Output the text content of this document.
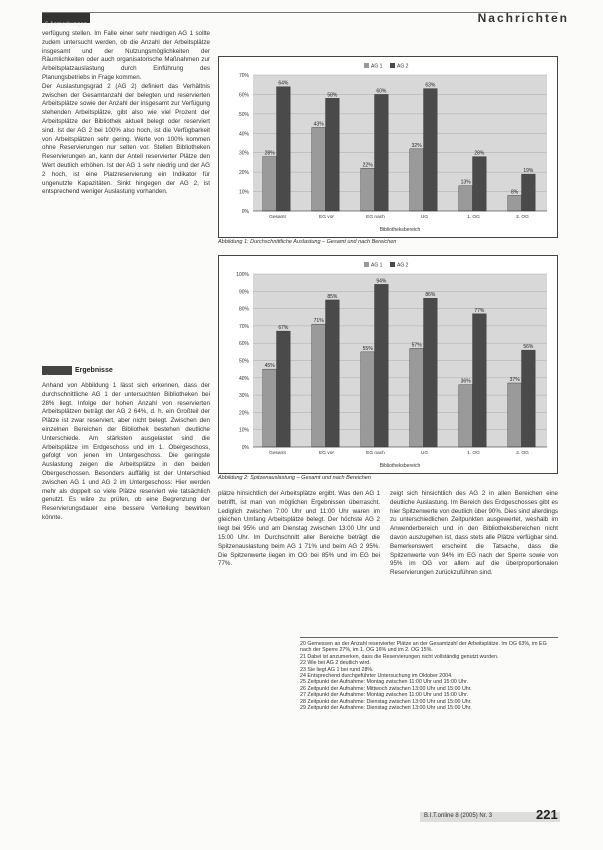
§ Anmerkungen	Nachrichten

verfügung stellen. Im Falle einer sehr niedrigen AG 1 sollte zudem untersucht werden, ob die Anzahl der Arbeitsplätze insgesamt und der Nutzungsmöglichkeiten der Räumlichkeiten oder auch organisatorische Maßnahmen zur Arbeitsplatzauslastung durch Einführung des Planungsbetriebs in Frage kommen.

Der Auslastungsgrad 2 (AG 2) definiert das Verhältnis zwischen der Gesamtanzahl der belegten und reservierten Arbeitsplätze sowie der Anzahl der insgesamt zur Verfügung stehenden Arbeitsplätze, gibt also wie viel Prozent der Arbeitsplätze der Bibliothek aktuell belegt oder reserviert sind. Ist der AG 2 bei 100% also hoch, ist die Verfügbarkeit von Arbeitsplätzen sehr gering. Werte von 100% kommen ohne Reservierungen nur selten vor. Stellen Bibliotheken Reservierungen an, kann der Anteil reservierter Plätze den Wert deutlich erhöhen. Ist der AG 1 sehr niedrig und der AG 2 hoch, ist eine Platzreservierung ein Indikator für ungenutzte Kapazitäten. Sinkt hingegen der AG 2, ist entsprechend weniger Auslastung vorhanden.

4
Ergebnisse
Anhand von Abbildung 1 lässt sich erkennen, dass der durchschnittliche AG 1 der untersuchten Bibliotheken bei 28% liegt. Infolge der hohen Anzahl von reservierten Arbeitsplätzen beträgt der AG 2 64%, d. h. ein Großteil der Plätze ist zwar reserviert, aber nicht belegt. Zwischen den einzelnen Bereichen der Bibliothek bestehen deutliche Unterschiede. Am stärksten ausgelastet sind die Arbeitsplätze im Erdgeschoss und im 1. Obergeschoss, gefolgt von jenen im Untergeschoss. Die geringste Auslastung zeigen die Arbeitsplätze in den beiden Obergeschossen. Besonders auffällig ist der Unterschied zwischen AG 1 und AG 2 im Untergeschoss: Hier werden mehr als doppelt so viele Plätze reserviert wie tatsächlich genutzt. Es wäre zu prüfen, ob eine Begrenzung der Reservierungsdauer eine bessere Verteilung bewirken könnte.
0%
10%
20%
30%
40%
50%
60%
70%
AG 1	AG 2
28%
64%
Gesamt
43%
58%
EG vor
22%
60%
EG nach
32%
63%
UG
13%
28%
1. OG
8%
19%
2. OG
Bibliotheksbereich
Abbildung 1: Durchschnittliche Auslastung – Gesamt und nach Bereichen
0%
10%
20%
30%
40%
50%
60%
70%
80%
90%
100%
AG 1	AG 2
45%
67%
Gesamt
71%
85%
EG vor
55%
94%
EG nach
57%
86%
UG
36%
77%
1. OG
37%
56%
2. OG
Bibliotheksbereich
Abbildung 2: Spitzenauslastung – Gesamt und nach Bereichen
plätze hinsichtlich der Arbeitsplätze ergibt. Was den AG 1 betrifft, ist man von möglichen Ergebnissen überrascht. Lediglich zwischen 7:00 Uhr und 11:00 Uhr waren im gleichen Umfang Arbeitsplätze belegt. Der höchste AG 2 liegt bei 95% und am Dienstag zwischen 13:00 Uhr und 15:00 Uhr. Im Durchschnitt aller Bereiche beträgt die Spitzenauslastung beim AG 1 71% und beim AG 2 95%. Die Spitzenwerte liegen im OG bei 85% und im EG bei 77%.
zeigt sich hinsichtlich des AG 2 in allen Bereichen eine deutliche Auslastung. Im Bereich des Erdgeschosses gibt es hier Spitzenwerte von deutlich über 90%. Dies sind allerdings zu unterschiedlichen Zeitpunkten ausgewertet, weshalb im Anwenderbereich und in den Bibliotheksbereichen nicht davon auszugehen ist, dass stets alle Plätze verfügbar sind. Bemerkenswert erscheint die Tatsache, dass die Spitzenwerte von 94% im EG nach der Sperre sowie von 95% im OG vor allem auf die überproportionalen Reservierungen zurückzuführen sind.
20 Gemessen an der Anzahl reservierter Plätze an der Gesamtzahl der Arbeitsplätze. Im OG 63%, im EG nach der Sperre 27%, im 1. OG 16% und im 2. OG 15%.
21 Dabei ist anzumerken, dass die Reservierungen nicht vollständig genutzt wurden.
22 Wie bei AG 2 deutlich wird.
23 Sie liegt AG 1 bei rund 28%.
24 Entsprechend durchgeführter Untersuchung im Oktober 2004.
25 Zeitpunkt der Aufnahme: Montag zwischen 11:00 Uhr und 15:00 Uhr.
26 Zeitpunkt der Aufnahme: Mittwoch zwischen 13:00 Uhr und 15:00 Uhr.
27 Zeitpunkt der Aufnahme: Montag zwischen 11:00 Uhr und 15:00 Uhr.
28 Zeitpunkt der Aufnahme: Dienstag zwischen 13:00 Uhr und 15:00 Uhr.
29 Zeitpunkt der Aufnahme: Dienstag zwischen 13:00 Uhr und 15:00 Uhr.
B.I.T.online 8 (2005) Nr. 3	221
